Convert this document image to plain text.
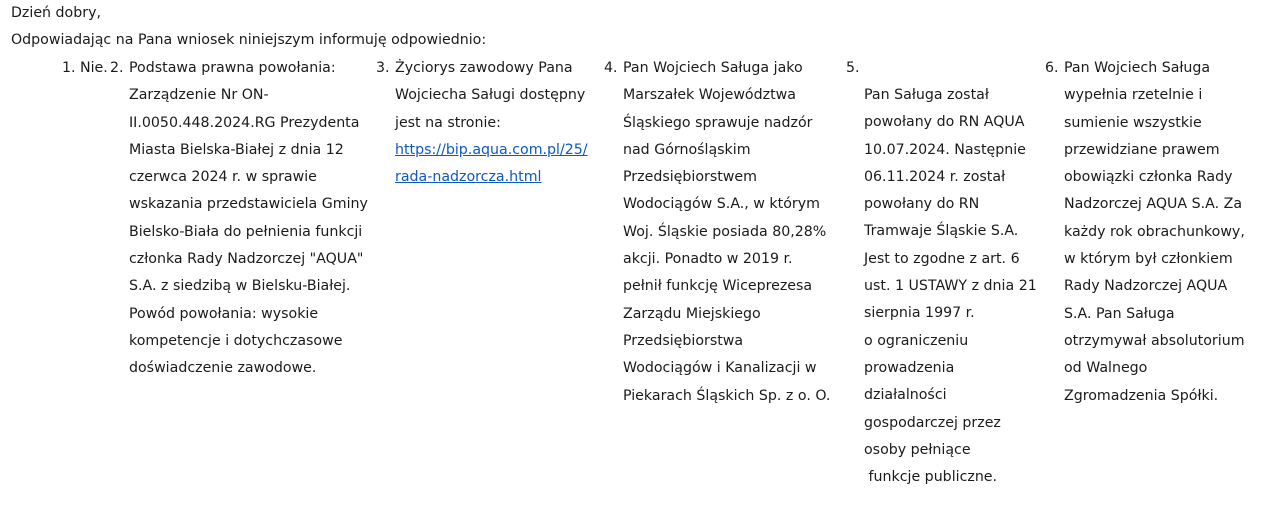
Dzień dobry,
Odpowiadając na Pana wniosek niniejszym informuję odpowiednio:
1. Nie. 2. Podstawa prawna powołania:
Zarządzenie Nr ON-
II.0050.448.2024.RG Prezydenta
Miasta Bielska-Białej z dnia 12
czerwca 2024 r. w sprawie
wskazania przedstawiciela Gminy
Bielsko-Biała do pełnienia funkcji
członka Rady Nadzorczej "AQUA"
S.A. z siedzibą w Bielsku-Białej.
Powód powołania: wysokie
kompetencje i dotychczasowe
doświadczenie zawodowe.
3. Życiorys zawodowy Pana
Wojciecha Saługi dostępny
jest na stronie:
https://bip.aqua.com.pl/25/
rada-nadzorcza.html
4. Pan Wojciech Saługa jako
Marszałek Województwa
Śląskiego sprawuje nadzór
nad Górnośląskim
Przedsiębiorstwem
Wodociągów S.A., w którym
Woj. Śląskie posiada 80,28%
akcji. Ponadto w 2019 r.
pełnił funkcję Wiceprezesa
Zarządu Miejskiego
Przedsiębiorstwa
Wodociągów i Kanalizacji w
Piekarach Śląskich Sp. z o. O.
5.
Pan Saługa został
powołany do RN AQUA
10.07.2024. Następnie
06.11.2024 r. został
powołany do RN
Tramwaje Śląskie S.A.
Jest to zgodne z art. 6
ust. 1 USTAWY z dnia 21
sierpnia 1997 r.
o ograniczeniu
prowadzenia
działalności
gospodarczej przez
osoby pełniące
funkcje publiczne.
6. Pan Wojciech Saługa
wypełnia rzetelnie i
sumienie wszystkie
przewidziane prawem
obowiązki członka Rady
Nadzorczej AQUA S.A. Za
każdy rok obrachunkowy,
w którym był członkiem
Rady Nadzorczej AQUA
S.A. Pan Saługa
otrzymywał absolutorium
od Walnego
Zgromadzenia Spółki.
